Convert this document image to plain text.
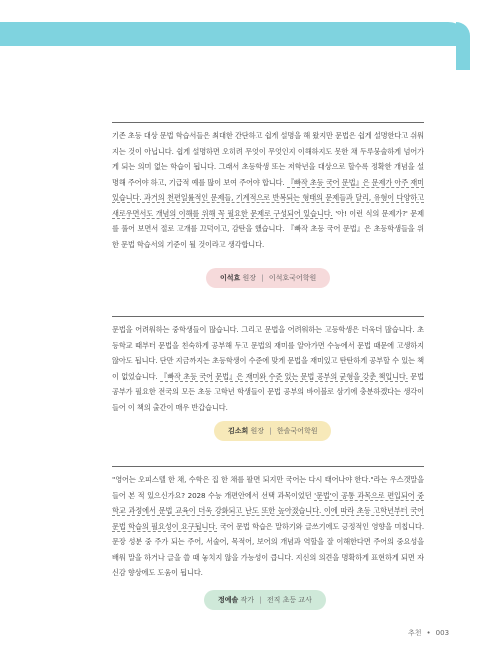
기존 초등 대상 문법 학습서들은 최대한 간단하고 쉽게 설명을 해 왔지만 문법은 쉽게 설명한다고 쉬워지는 것이 아닙니다. 쉽게 설명하면 오히려 무엇이 무엇인지 이해하지도 못한 채 두루뭉술하게 넘어가게 되는 의미 없는 학습이 됩니다. 그래서 초등학생 또는 저학년을 대상으로 할수록 정확한 개념을 설명해 주어야 하고, 기급적 예를 많이 보여 주어야 합니다. 『빠작 초등 국어 문법』은 문제가 아주 재미있습니다. 과거의 천편일률적인 문제들, 기계적으로 반복되는 형태의 문제들과 달리, 유형이 다양하고 새로우면서도 개념의 이해를 위해 꼭 필요한 문제로 구성되어 있습니다. '아! 이런 식의 문제가?' 문제를 풀어 보면서 절로 고개를 끄덕이고, 감탄을 했습니다. 『빠작 초등 국어 문법』은 초등학생들을 위한 문법 학습서의 기준이 될 것이라고 생각합니다.

이석효 원장 | 이석호국어학원

문법을 어려워하는 중학생들이 많습니다. 그리고 문법을 어려워하는 고등학생은 더욱더 많습니다. 초등학교 때부터 문법을 친숙하게 공부해 두고 문법의 재미를 알아가면 수능에서 문법 때문에 고생하지 않아도 됩니다. 단만 지금까지는 초등학생이 수준에 맞게 문법을 재미있고 탄탄하게 공부할 수 있는 책이 없었습니다. 『빠작 초등 국어 문법』은 재미와 수준 있는 문법 공부의 균형을 갖춘 책입니다. 문법 공부가 필요한 전국의 모든 초등 고학년 학생들이 문법 공부의 바이블로 삼기에 충분하겠다는 생각이 들어 이 책의 출간이 매우 반갑습니다.

김소희 원장 | 한솔국어학원

"영어는 오피스텔 한 채, 수학은 집 한 채를 팔면 되지만 국어는 다시 태어나야 한다."라는 우스갯말을 들어 본 적 있으신가요? 2028 수능 개편안에서 선택 과목이었던 '문법'이 공통 과목으로 편입되어 중학교 과정에서 문법 교육이 더욱 강화되고 난도 또한 높아졌습니다. 이에 따라 초등 고학년부터 국어 문법 학습의 필요성이 요구됩니다. 국어 문법 학습은 말하기와 글쓰기에도 긍정적인 영향을 미칩니다. 문장 성분 중 주가 되는 주어, 서술어, 목적어, 보어의 개념과 역할을 잘 이해한다면 주어의 중요성을 배워 말을 하거나 글을 쓸 때 놓치지 않을 가능성이 큽니다. 지신의 의견을 명확하게 표현하게 되면 자신감 향상에도 도움이 됩니다.

정예솔 작가 | 전직 초등 교사
추천 • 003
